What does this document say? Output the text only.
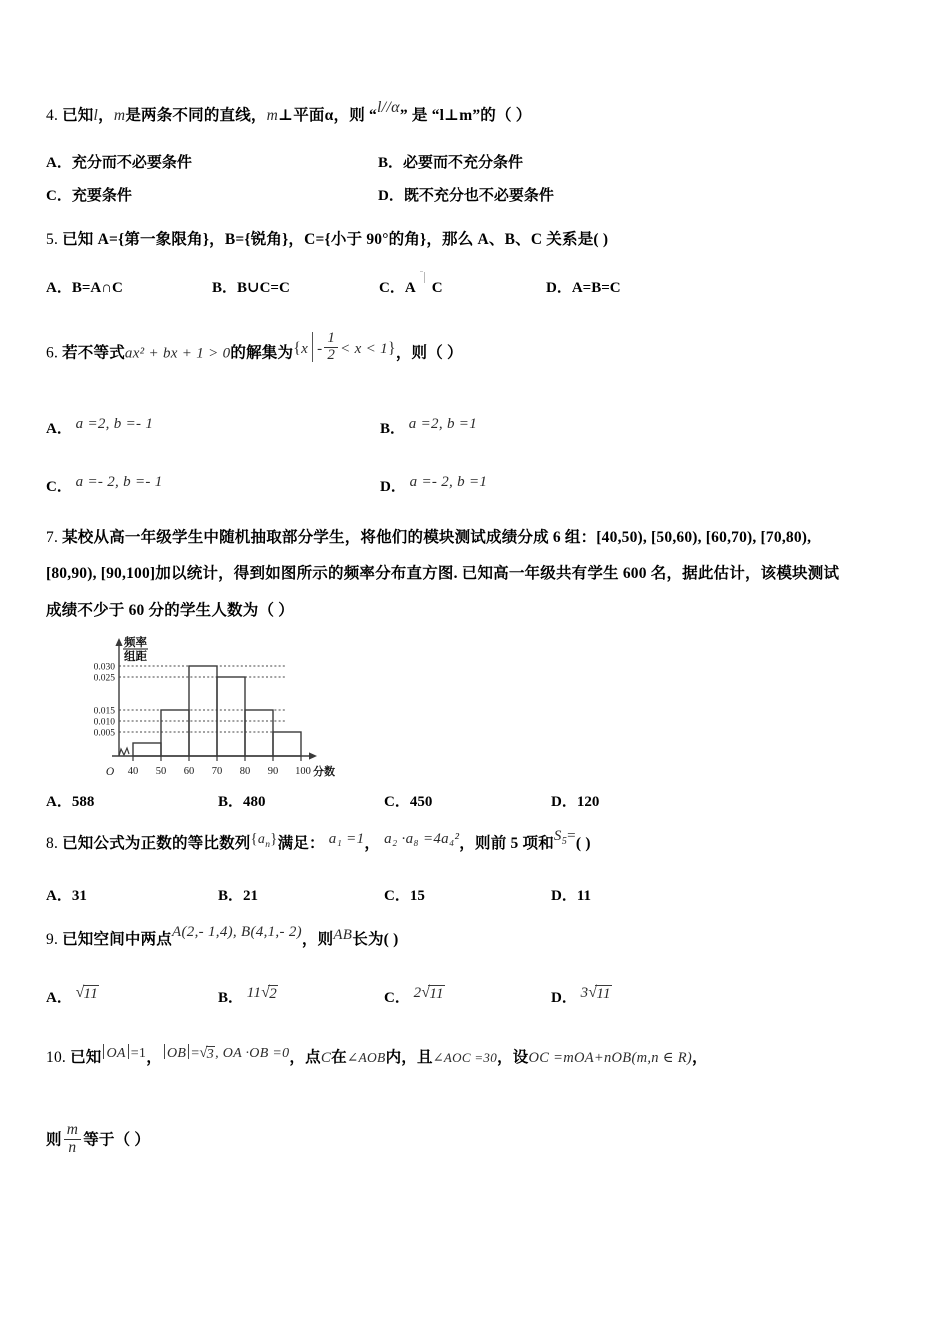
4. 已知l，m是两条不同的直线，m⊥平面α，则 “l//α” 是 “l⊥m”的（ ）
A．充分而不必要条件	B．必要而不充分条件
C．充要条件	D．既不充分也不必要条件
5. 已知 A={第一象限角}，B={锐角}，C={小于 90°的角}，那么 A、B、C 关系是( )
A．B=A∩C	B．B∪C=C	C．A C	D．A=B=C
6. 若不等式ax² + bx + 1 > 0的解集为$\{x - \frac{1}{2} < x < 1\}$，则（ ）
A． a =2, b =- 1	B． a =2, b =1
C． a =- 2, b =- 1	D． a =- 2, b =1
7. 某校从高一年级学生中随机抽取部分学生，将他们的模块测试成绩分成 6 组：[40,50), [50,60), [60,70), [70,80),
[80,90), [90,100]加以统计，得到如图所示的频率分布直方图. 已知高一年级共有学生 600 名，据此估计，该模块测试
成绩不少于 60 分的学生人数为（ ）
0.030
0.025
0.015
0.010
0.005
40 50 60 70 80 90 100
O	分数
频率
组距
A．588	B．480	C．450	D．120
8. 已知公式为正数的等比数列$\{a_n\}$满足： a₁ =1， a₂ ·a₈ =4a₄²，则前 5 项和$S_5=$( )
A．31	B．21	C．15	D．11
9. 已知空间中两点A(2,- 1,4), B(4,1,- 2)，则AB长为( )
A． √11	B． 11√2	C． 2√11	D． 3√11
10. 已知 OA =1， OB =√3, OA ·OB =0，点C在∠AOB内，且∠AOC =30，设OC =mOA+nOB(m,n ∈ R)，
则 $\frac{m}{n}$ 等于（ ）
